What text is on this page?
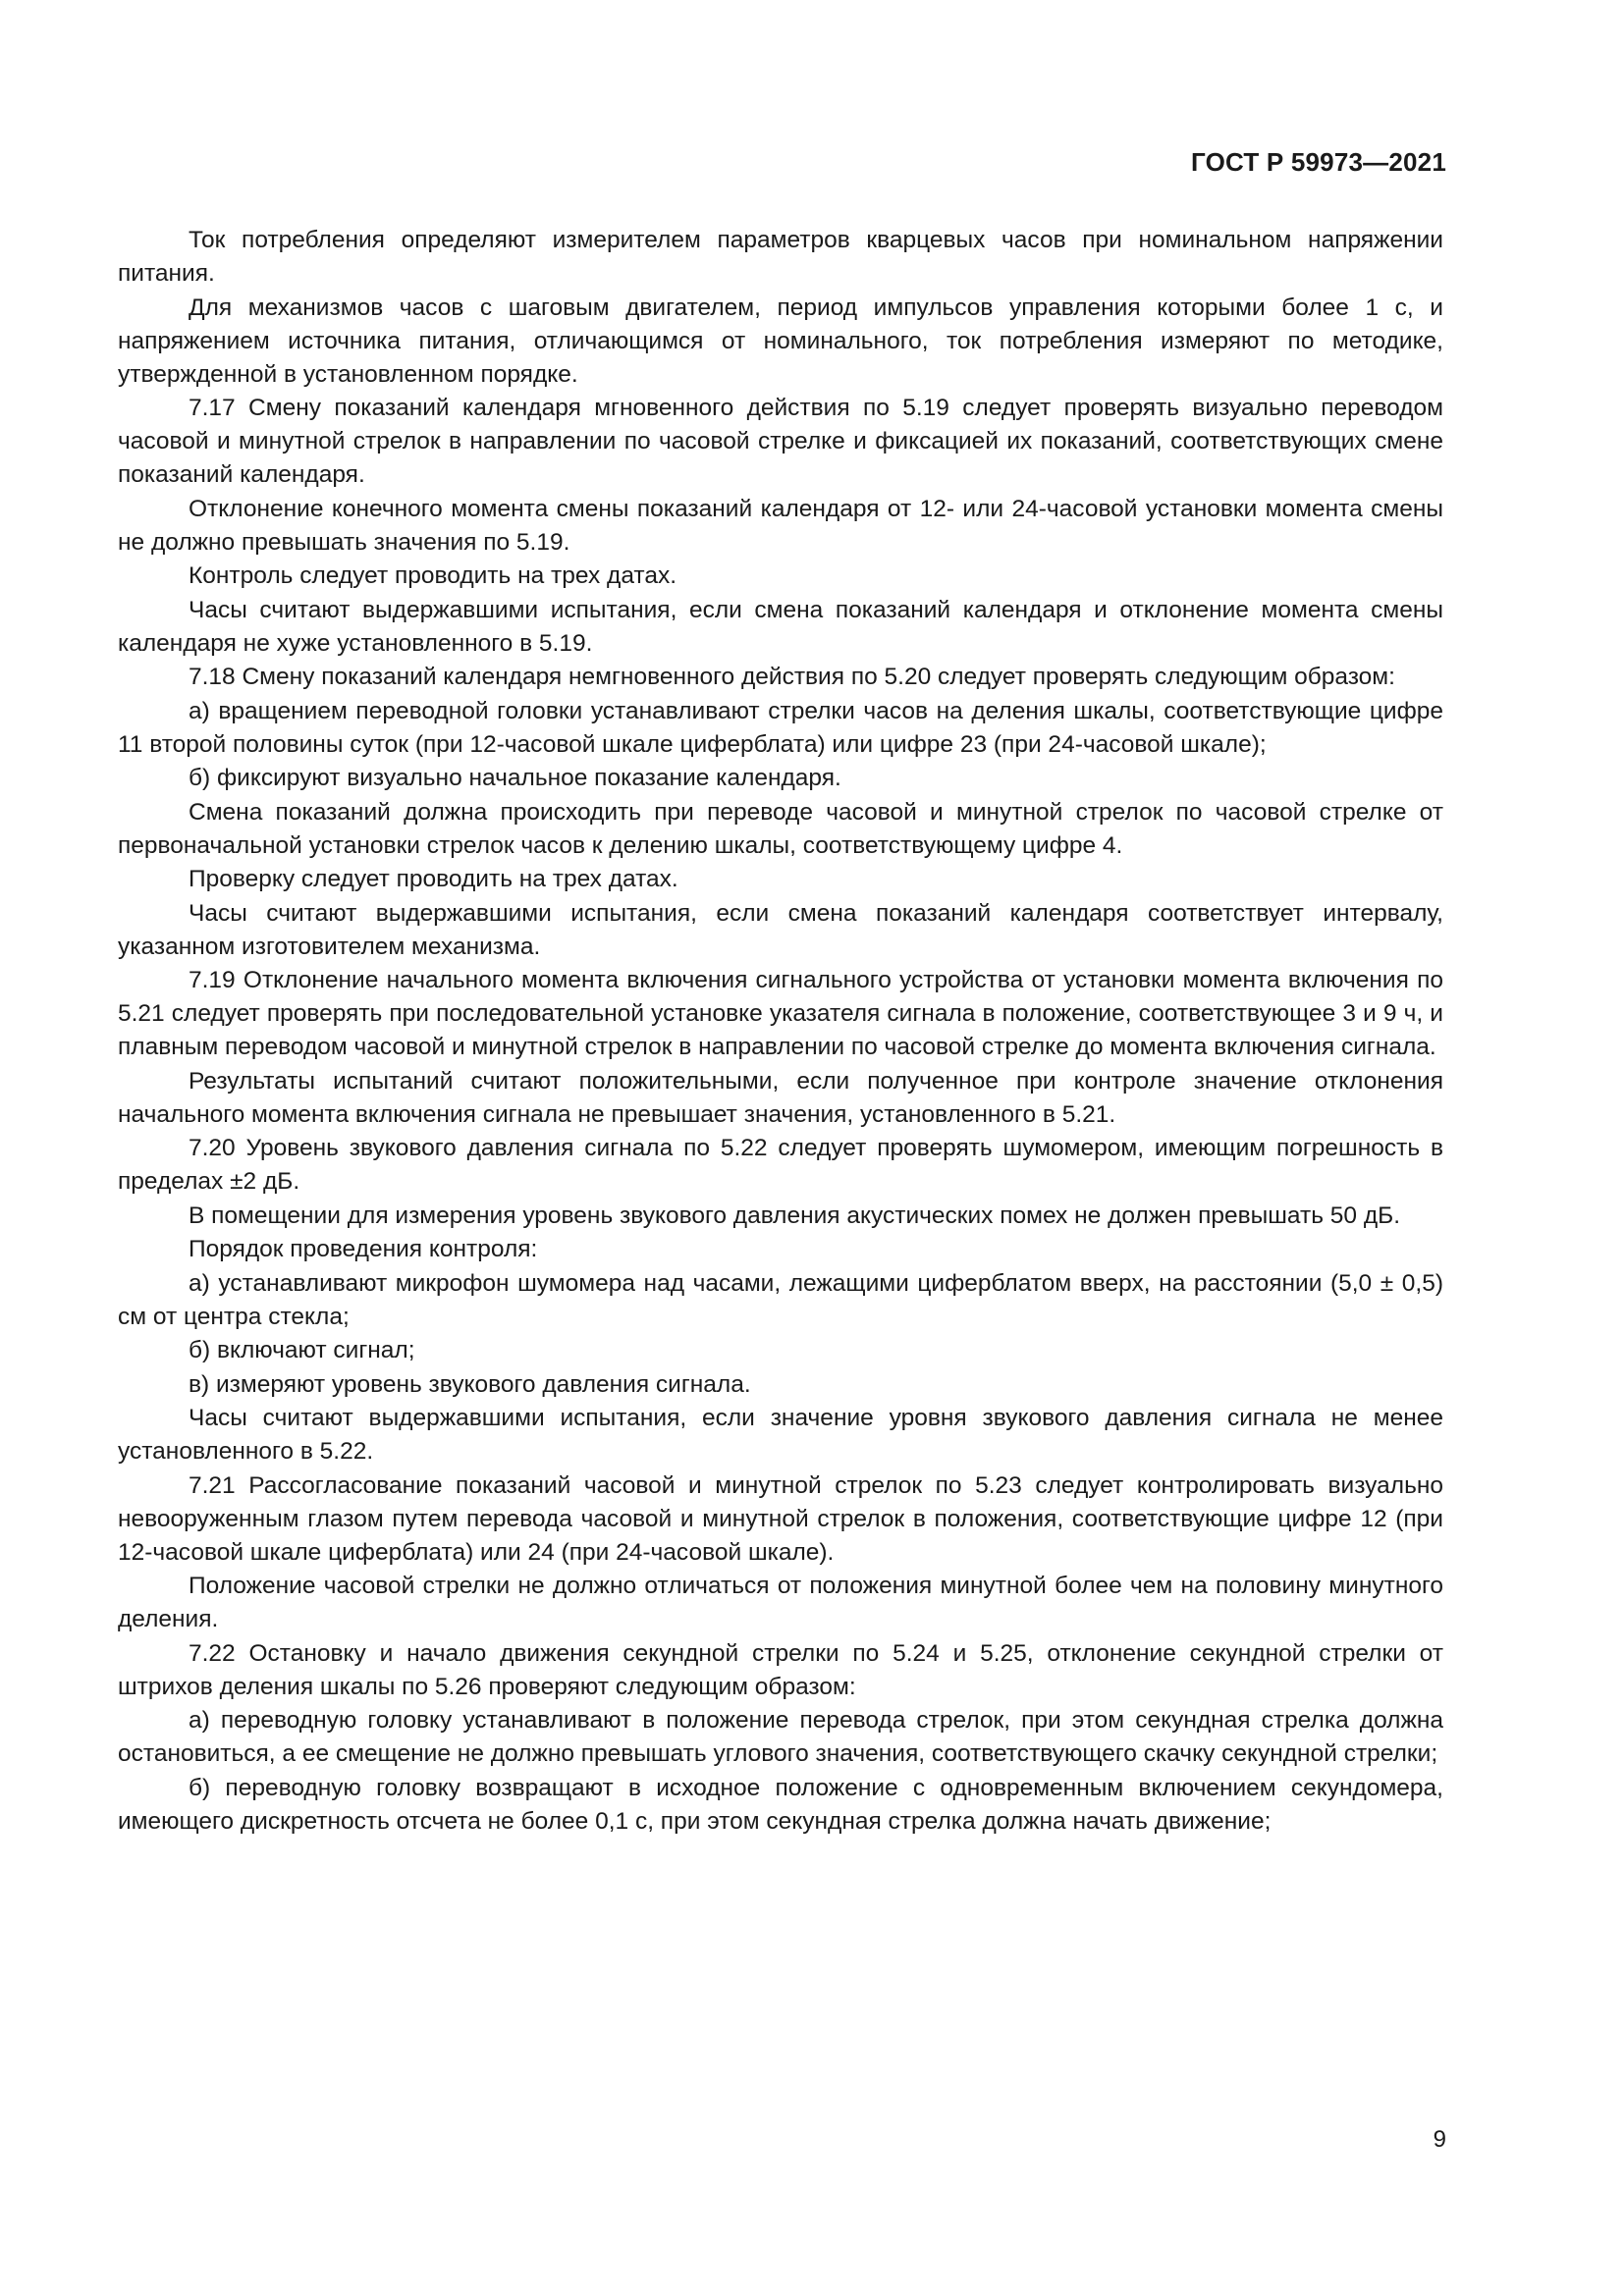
ГОСТ Р 59973—2021

Ток потребления определяют измерителем параметров кварцевых часов при номинальном напряжении питания.

Для механизмов часов с шаговым двигателем, период импульсов управления которыми более 1 с, и напряжением источника питания, отличающимся от номинального, ток потребления измеряют по методике, утвержденной в установленном порядке.

7.17 Смену показаний календаря мгновенного действия по 5.19 следует проверять визуально переводом часовой и минутной стрелок в направлении по часовой стрелке и фиксацией их показаний, соответствующих смене показаний календаря.

Отклонение конечного момента смены показаний календаря от 12- или 24-часовой установки момента смены не должно превышать значения по 5.19.

Контроль следует проводить на трех датах.

Часы считают выдержавшими испытания, если смена показаний календаря и отклонение момента смены календаря не хуже установленного в 5.19.

7.18 Смену показаний календаря немгновенного действия по 5.20 следует проверять следующим образом:

а) вращением переводной головки устанавливают стрелки часов на деления шкалы, соответствующие цифре 11 второй половины суток (при 12-часовой шкале циферблата) или цифре 23 (при 24-часовой шкале);

б) фиксируют визуально начальное показание календаря.

Смена показаний должна происходить при переводе часовой и минутной стрелок по часовой стрелке от первоначальной установки стрелок часов к делению шкалы, соответствующему цифре 4.

Проверку следует проводить на трех датах.

Часы считают выдержавшими испытания, если смена показаний календаря соответствует интервалу, указанном изготовителем механизма.

7.19 Отклонение начального момента включения сигнального устройства от установки момента включения по 5.21 следует проверять при последовательной установке указателя сигнала в положение, соответствующее 3 и 9 ч, и плавным переводом часовой и минутной стрелок в направлении по часовой стрелке до момента включения сигнала.

Результаты испытаний считают положительными, если полученное при контроле значение отклонения начального момента включения сигнала не превышает значения, установленного в 5.21.

7.20 Уровень звукового давления сигнала по 5.22 следует проверять шумомером, имеющим погрешность в пределах ±2 дБ.

В помещении для измерения уровень звукового давления акустических помех не должен превышать 50 дБ.

Порядок проведения контроля:

а) устанавливают микрофон шумомера над часами, лежащими циферблатом вверх, на расстоянии (5,0 ± 0,5) см от центра стекла;

б) включают сигнал;

в) измеряют уровень звукового давления сигнала.

Часы считают выдержавшими испытания, если значение уровня звукового давления сигнала не менее установленного в 5.22.

7.21 Рассогласование показаний часовой и минутной стрелок по 5.23 следует контролировать визуально невооруженным глазом путем перевода часовой и минутной стрелок в положения, соответствующие цифре 12 (при 12-часовой шкале циферблата) или 24 (при 24-часовой шкале).

Положение часовой стрелки не должно отличаться от положения минутной более чем на половину минутного деления.

7.22 Остановку и начало движения секундной стрелки по 5.24 и 5.25, отклонение секундной стрелки от штрихов деления шкалы по 5.26 проверяют следующим образом:

а) переводную головку устанавливают в положение перевода стрелок, при этом секундная стрелка должна остановиться, а ее смещение не должно превышать углового значения, соответствующего скачку секундной стрелки;

б) переводную головку возвращают в исходное положение с одновременным включением секундомера, имеющего дискретность отсчета не более 0,1 с, при этом секундная стрелка должна начать движение;

9
